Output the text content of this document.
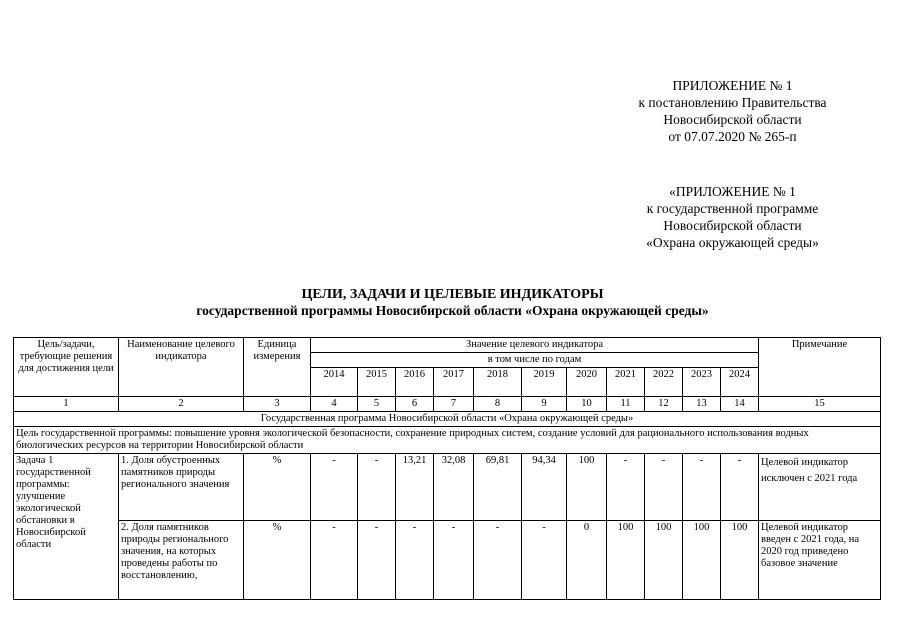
ПРИЛОЖЕНИЕ № 1
к постановлению Правительства
Новосибирской области
от 07.07.2020 № 265-п
«ПРИЛОЖЕНИЕ № 1
к государственной программе
Новосибирской области
«Охрана окружающей среды»
ЦЕЛИ, ЗАДАЧИ И ЦЕЛЕВЫЕ ИНДИКАТОРЫ
государственной программы Новосибирской области «Охрана окружающей среды»
Цель/задачи, требующие решения для достижения цели	Наименование целевого индикатора	Единица измерения	Значение целевого индикатора											Примечание
			в том числе по годам											
			2014	2015	2016	2017	2018	2019	2020	2021	2022	2023	2024	
1	2	3	4	5	6	7	8	9	10	11	12	13	14	15
Государственная программа Новосибирской области «Охрана окружающей среды»														
Цель государственной программы: повышение уровня экологической безопасности, сохранение природных систем, создание условий для рационального использования водных биологических ресурсов на территории Новосибирской области														
Задача 1 государственной программы: улучшение экологической обстановки в Новосибирской области	1. Доля обустроенных памятников природы регионального значения	%	-	-	13,21	32,08	69,81	94,34	100	-	-	-	-	Целевой индикатор исключен с 2021 года
	2. Доля памятников природы регионального значения, на которых проведены работы по восстановлению,	%	-	-	-	-	-	-	0	100	100	100	100	Целевой индикатор введен с 2021 года, на 2020 год приведено базовое значение
